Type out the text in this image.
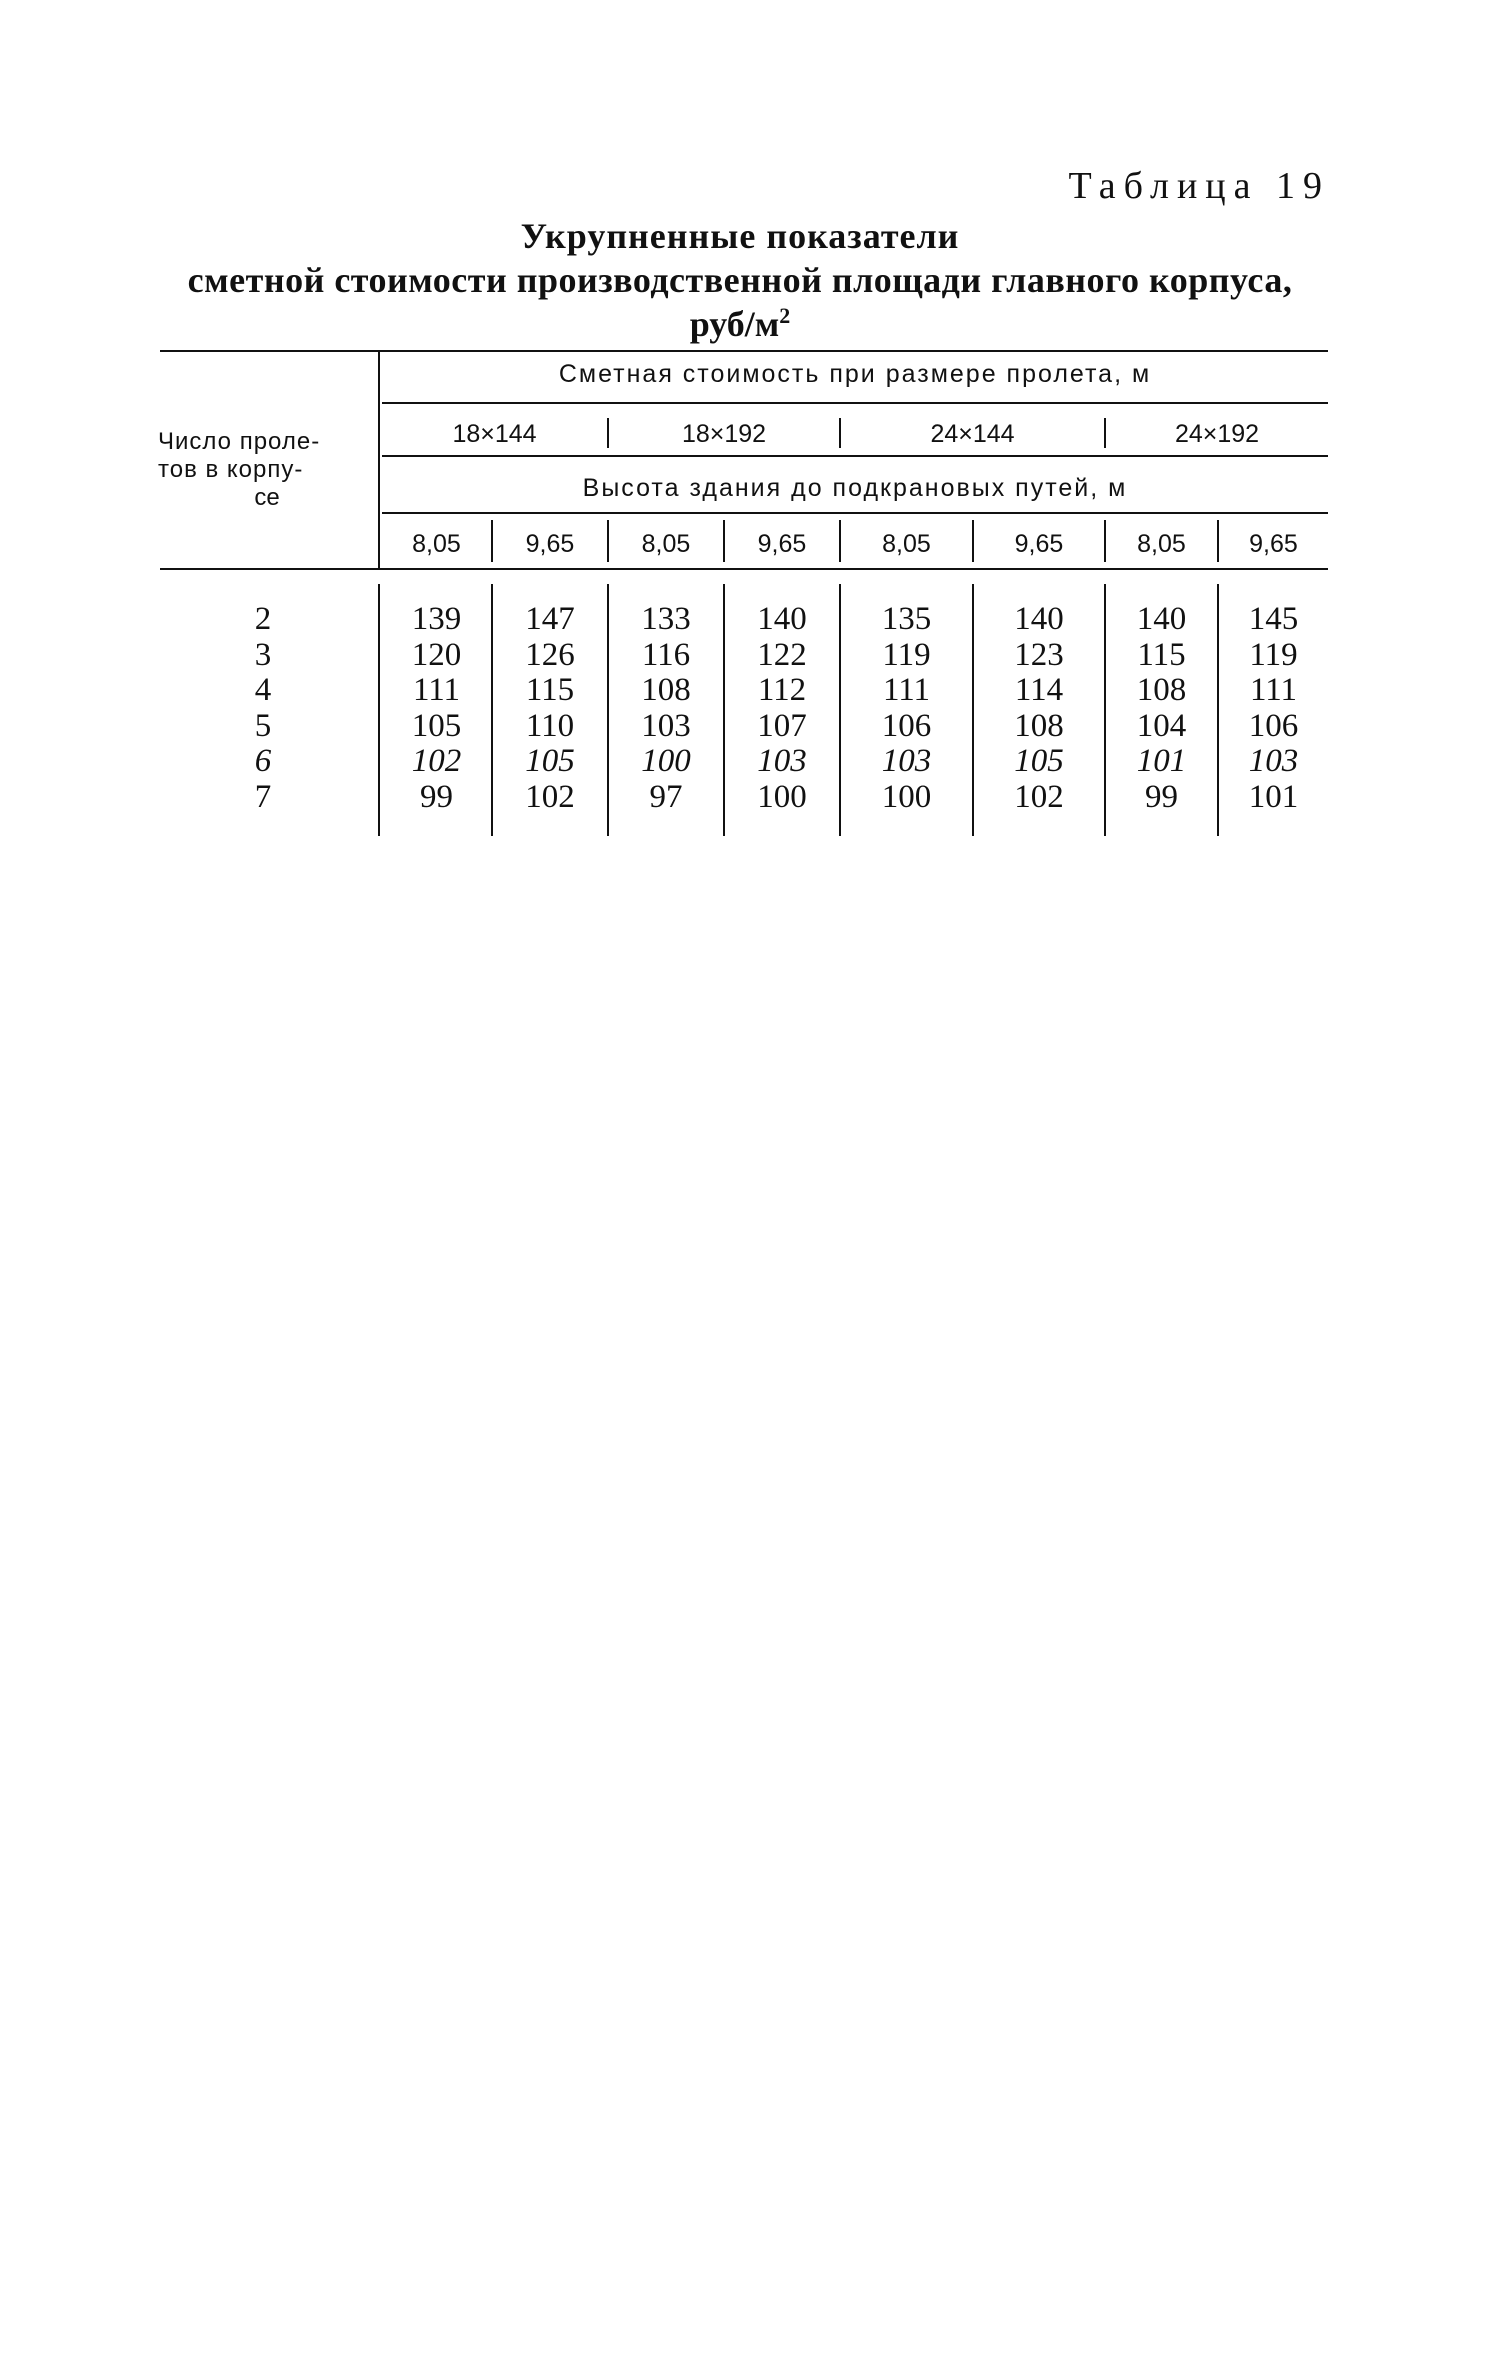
Таблица 19
Укрупненные показатели
сметной стоимости производственной площади главного корпуса,
руб/$м^2$
Число проле-
тов в корпу-
се
Сметная стоимость при размере пролета, м
18×144	18×192	24×144	24×192
Высота здания до подкрановых путей, м
8,05	9,65	8,05	9,65	8,05	9,65	8,05	9,65
2	139	147	133	140	135	140	140	145
3	120	126	116	122	119	123	115	119
4	111	115	108	112	111	114	108	111
5	105	110	103	107	106	108	104	106
6	102	105	100	103	103	105	101	103
7	99	102	97	100	100	102	99	101
